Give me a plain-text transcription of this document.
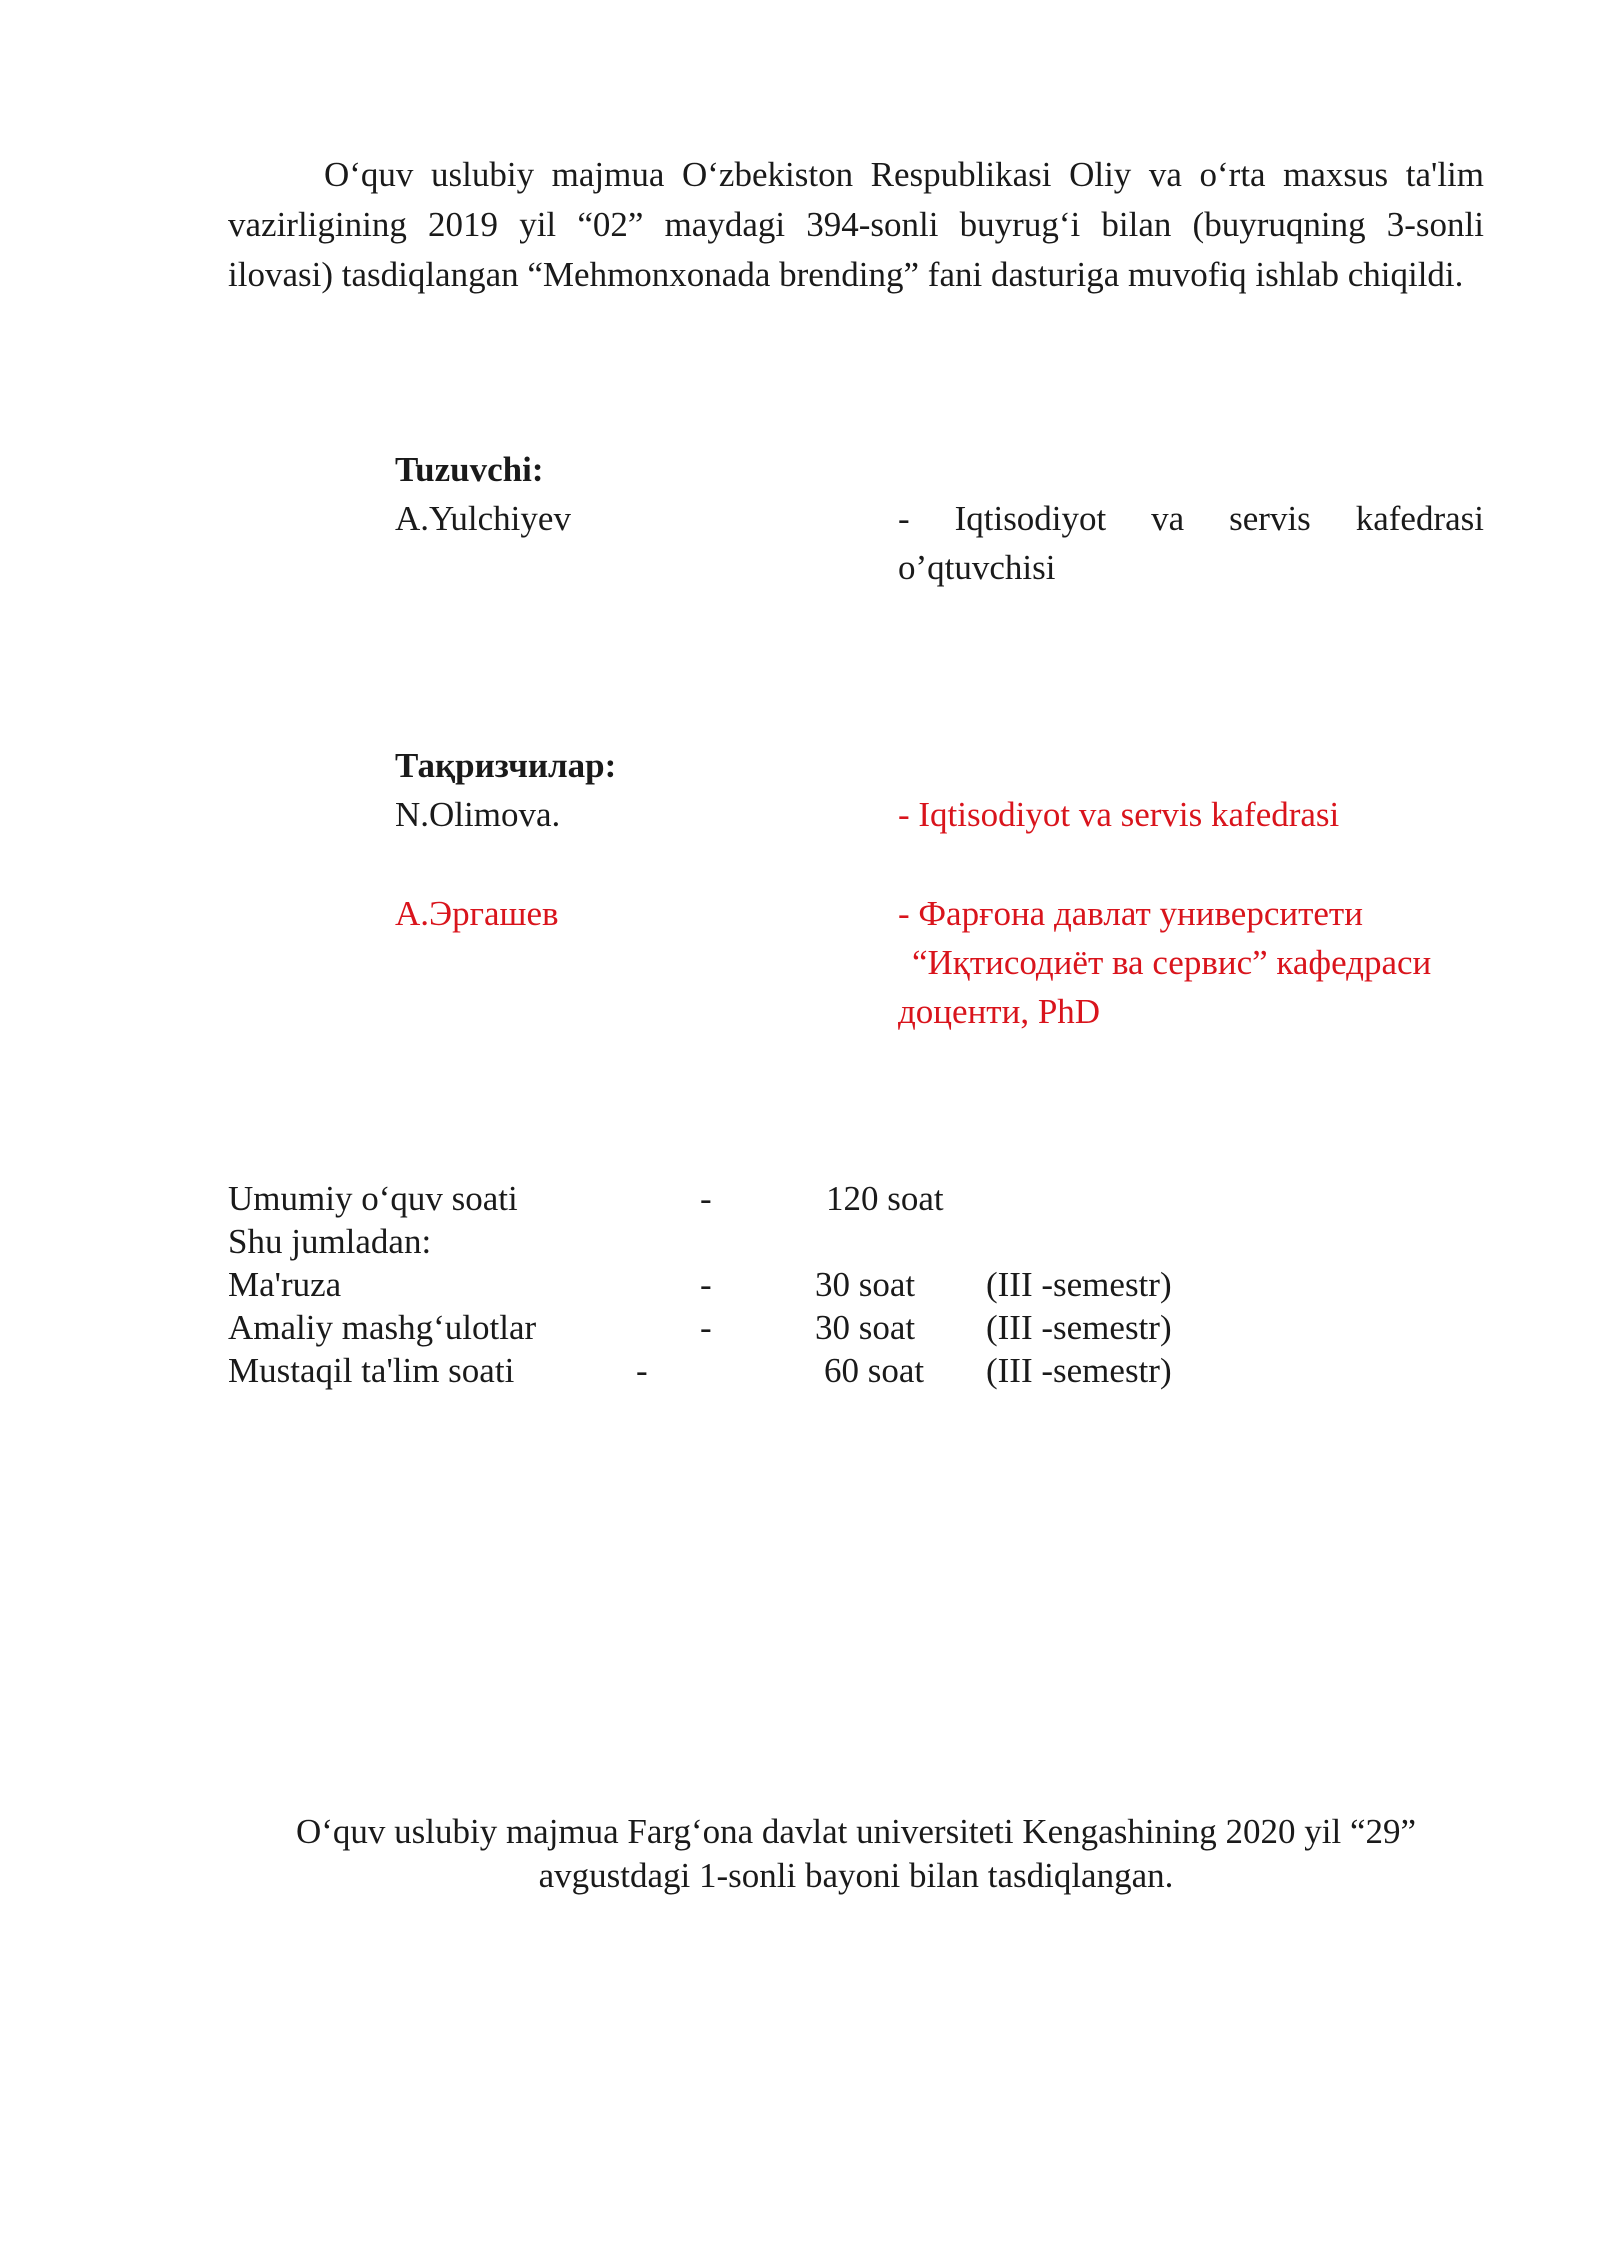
O‘quv uslubiy majmua O‘zbekiston Respublikasi Oliy va o‘rta maxsus ta'lim vazirligining 2019 yil “02” maydagi 394-sonli buyrug‘i bilan (buyruqning 3-sonli ilovasi) tasdiqlangan “Mehmonxonada brending” fani dasturiga muvofiq ishlab chiqildi.

Tuzuvchi:
A.Yulchiyev	- Iqtisodiyot va servis kafedrasi
o’qtuvchisi
Тақризчилар:
N.Olimova.	- Iqtisodiyot va servis kafedrasi
А.Эргашев	- Фарғона давлат университети
“Иқтисодиёт ва сервис” кафедраси
доценти, PhD
Umumiy o‘quv soati	-	120 soat
Shu jumladan:
Ma'ruza	-	30 soat (III -semestr)
Amaliy mashg‘ulotlar	-	30 soat (III -semestr)
Mustaqil ta'lim soati	-	60 soat (III -semestr)
O‘quv uslubiy majmua Farg‘ona davlat universiteti Kengashining 2020 yil “29”
avgustdagi 1-sonli bayoni bilan tasdiqlangan.
